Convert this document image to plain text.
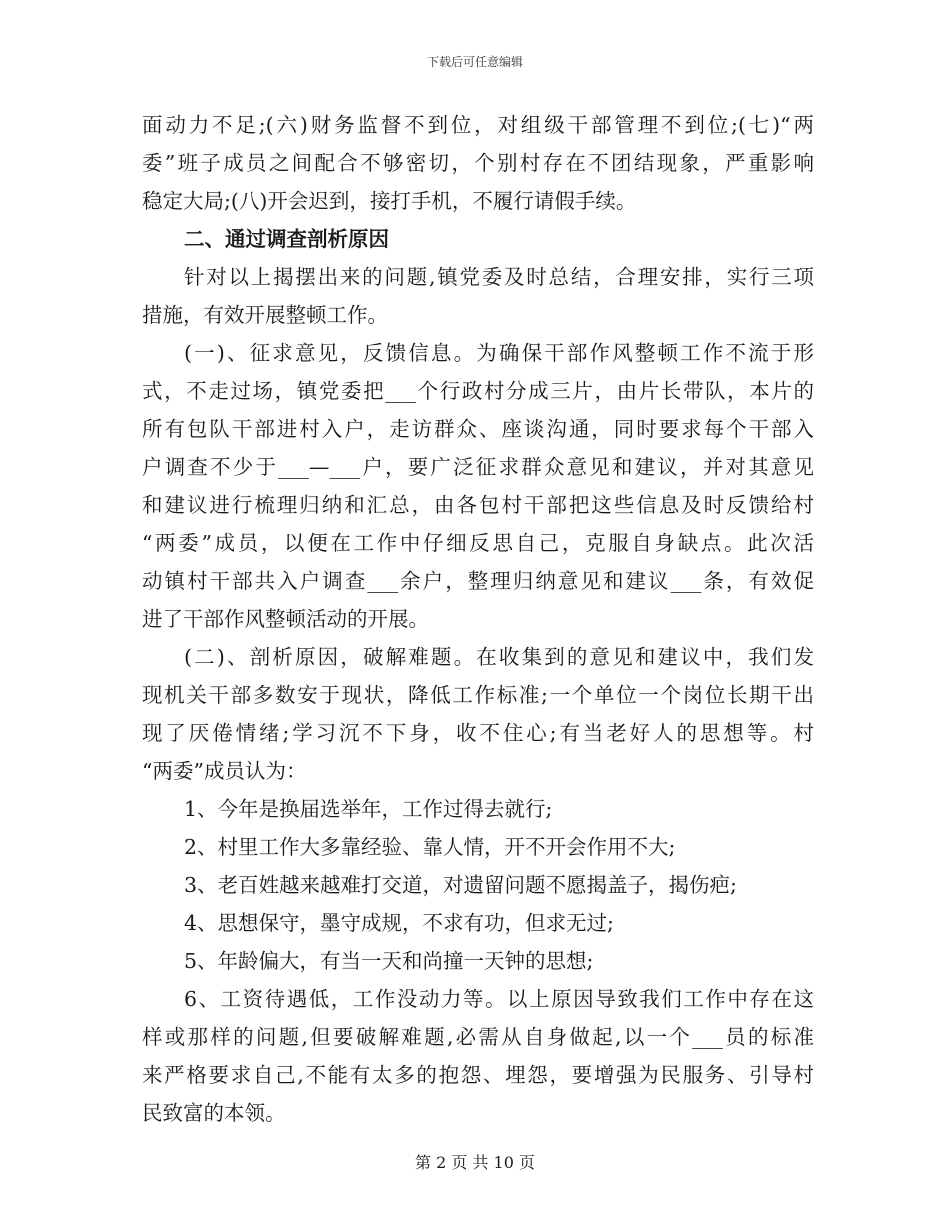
下载后可任意编辑
面动力不足;(六)财务监督不到位，对组级干部管理不到位;(七)“两
委”班子成员之间配合不够密切，个别村存在不团结现象，严重影响
稳定大局;(八)开会迟到，接打手机，不履行请假手续。
二、通过调查剖析原因
针对以上揭摆出来的问题,镇党委及时总结，合理安排，实行三项
措施，有效开展整顿工作。
(一)、征求意见，反馈信息。为确保干部作风整顿工作不流于形
式，不走过场，镇党委把___个行政村分成三片，由片长带队，本片的
所有包队干部进村入户，走访群众、座谈沟通，同时要求每个干部入
户调查不少于___—___户，要广泛征求群众意见和建议，并对其意见
和建议进行梳理归纳和汇总，由各包村干部把这些信息及时反馈给村
“两委”成员，以便在工作中仔细反思自己，克服自身缺点。此次活
动镇村干部共入户调查___余户，整理归纳意见和建议___条，有效促
进了干部作风整顿活动的开展。
(二)、剖析原因，破解难题。在收集到的意见和建议中，我们发
现机关干部多数安于现状，降低工作标准;一个单位一个岗位长期干出
现了厌倦情绪;学习沉不下身，收不住心;有当老好人的思想等。村
“两委”成员认为：
1、今年是换届选举年，工作过得去就行;
2、村里工作大多靠经验、靠人情，开不开会作用不大;
3、老百姓越来越难打交道，对遗留问题不愿揭盖子，揭伤疤;
4、思想保守，墨守成规，不求有功，但求无过;
5、年龄偏大，有当一天和尚撞一天钟的思想;
6、工资待遇低，工作没动力等。以上原因导致我们工作中存在这
样或那样的问题,但要破解难题,必需从自身做起,以一个___员的标准
来严格要求自己,不能有太多的抱怨、埋怨，要增强为民服务、引导村
民致富的本领。
第 2 页 共 10 页
